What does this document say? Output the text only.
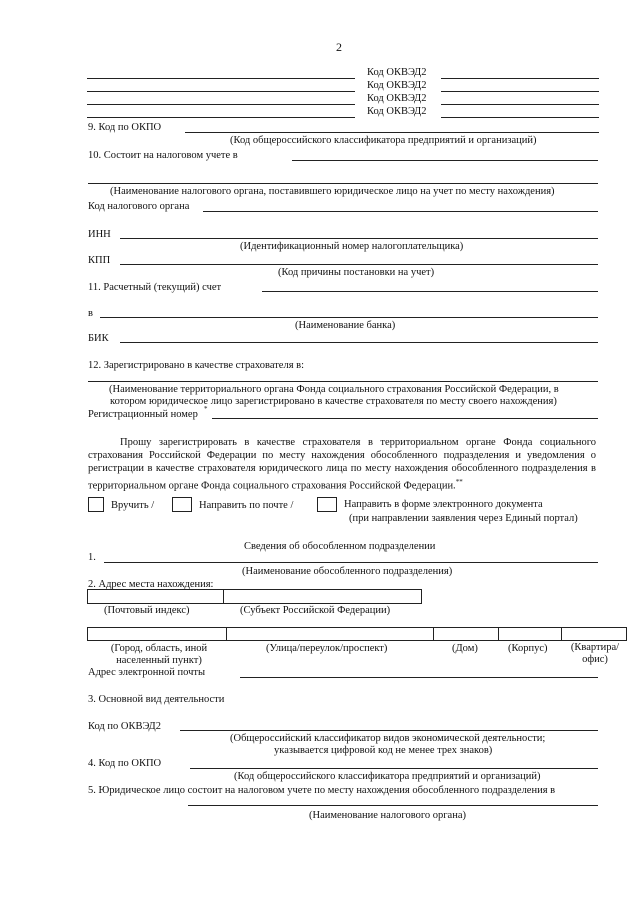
2
Код ОКВЭД2
Код ОКВЭД2
Код ОКВЭД2
Код ОКВЭД2
9. Код по ОКПО
(Код общероссийского классификатора предприятий и организаций)
10. Состоит на налоговом учете в
(Наименование налогового органа, поставившего юридическое лицо на учет по месту нахождения)
Код налогового органа
ИНН
(Идентификационный номер налогоплательщика)
КПП
(Код причины постановки на учет)
11. Расчетный (текущий) счет
в
(Наименование банка)
БИК
12. Зарегистрировано в качестве страхователя в:
(Наименование территориального органа Фонда социального страхования Российской Федерации, в
котором юридическое лицо зарегистрировано в качестве страхователя по месту своего нахождения)
Регистрационный номер *
Прошу зарегистрировать в качестве страхователя в территориальном органе Фонда социального страхования Российской Федерации по месту нахождения обособленного подразделения и уведомления о регистрации в качестве страхователя юридического лица по месту нахождения обособленного подразделения в территориальном органе Фонда социального страхования Российской Федерации.**
Вручить /	Направить по почте /	Направить в форме электронного документа
(при направлении заявления через Единый портал)
Сведения об обособленном подразделении
1.
(Наименование обособленного подразделения)
2. Адрес места нахождения:
(Почтовый индекс)	(Субъект Российской Федерации)
(Город, область, иной населенный пункт)
(Улица/переулок/проспект)	(Дом)	(Корпус)	(Квартира/ офис)
Адрес электронной почты
3. Основной вид деятельности
Код по ОКВЭД2
(Общероссийский классификатор видов экономической деятельности;
указывается цифровой код не менее трех знаков)
4. Код по ОКПО
(Код общероссийского классификатора предприятий и организаций)
5. Юридическое лицо состоит на налоговом учете по месту нахождения обособленного подразделения в
(Наименование налогового органа)
